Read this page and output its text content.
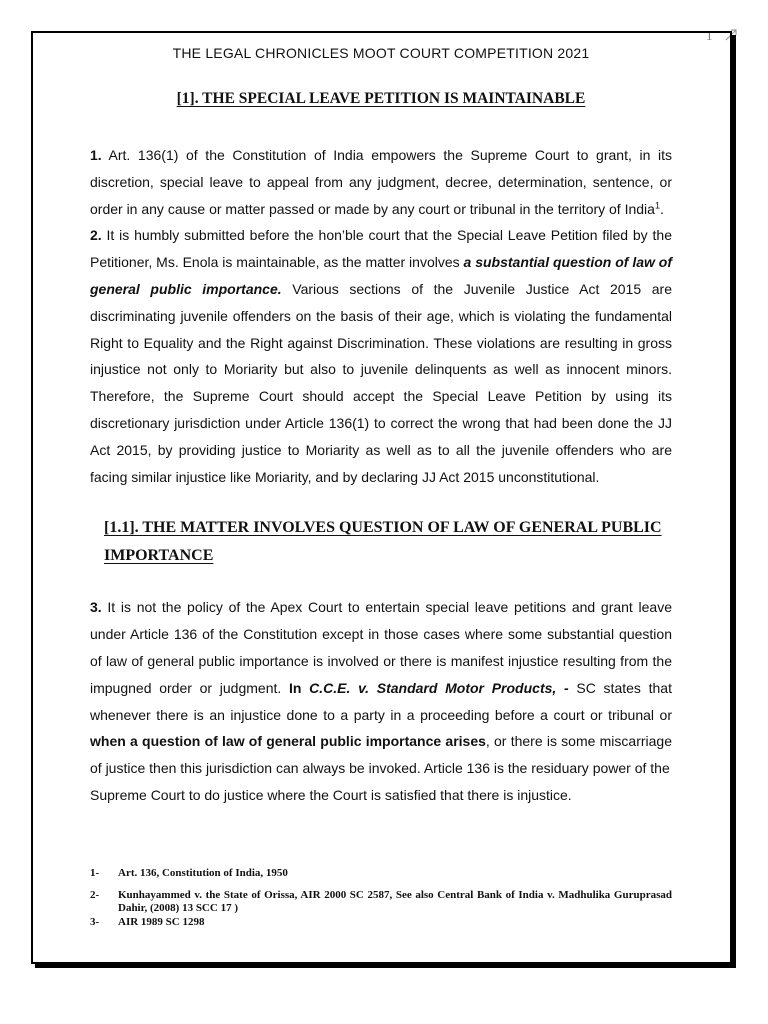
1

THE LEGAL CHRONICLES MOOT COURT COMPETITION 2021

[1]. THE SPECIAL LEAVE PETITION IS MAINTAINABLE

1. Art. 136(1) of the Constitution of India empowers the Supreme Court to grant, in its discretion, special leave to appeal from any judgment, decree, determination, sentence, or order in any cause or matter passed or made by any court or tribunal in the territory of India$^1$.

2. It is humbly submitted before the hon’ble court that the Special Leave Petition filed by the Petitioner, Ms. Enola is maintainable, as the matter involves a substantial question of law of general public importance. Various sections of the Juvenile Justice Act 2015 are discriminating juvenile offenders on the basis of their age, which is violating the fundamental Right to Equality and the Right against Discrimination. These violations are resulting in gross injustice not only to Moriarity but also to juvenile delinquents as well as innocent minors. Therefore, the Supreme Court should accept the Special Leave Petition by using its discretionary jurisdiction under Article 136(1) to correct the wrong that had been done the JJ Act 2015, by providing justice to Moriarity as well as to all the juvenile offenders who are facing similar injustice like Moriarity, and by declaring JJ Act 2015 unconstitutional.

[1.1]. THE MATTER INVOLVES QUESTION OF LAW OF GENERAL PUBLIC IMPORTANCE

3. It is not the policy of the Apex Court to entertain special leave petitions and grant leave under Article 136 of the Constitution except in those cases where some substantial question of law of general public importance is involved or there is manifest injustice resulting from the impugned order or judgment. In C.C.E. v. Standard Motor Products, - SC states that whenever there is an injustice done to a party in a proceeding before a court or tribunal or when a question of law of general public importance arises, or there is some miscarriage of justice then this jurisdiction can always be invoked. Article 136 is the residuary power of the

Supreme Court to do justice where the Court is satisfied that there is injustice.

1-	Art. 136, Constitution of India, 1950
2-	Kunhayammed v. the State of Orissa, AIR 2000 SC 2587, See also Central Bank of India v. Madhulika Guruprasad Dahir, (2008) 13 SCC 17 )
3-	AIR 1989 SC 1298
